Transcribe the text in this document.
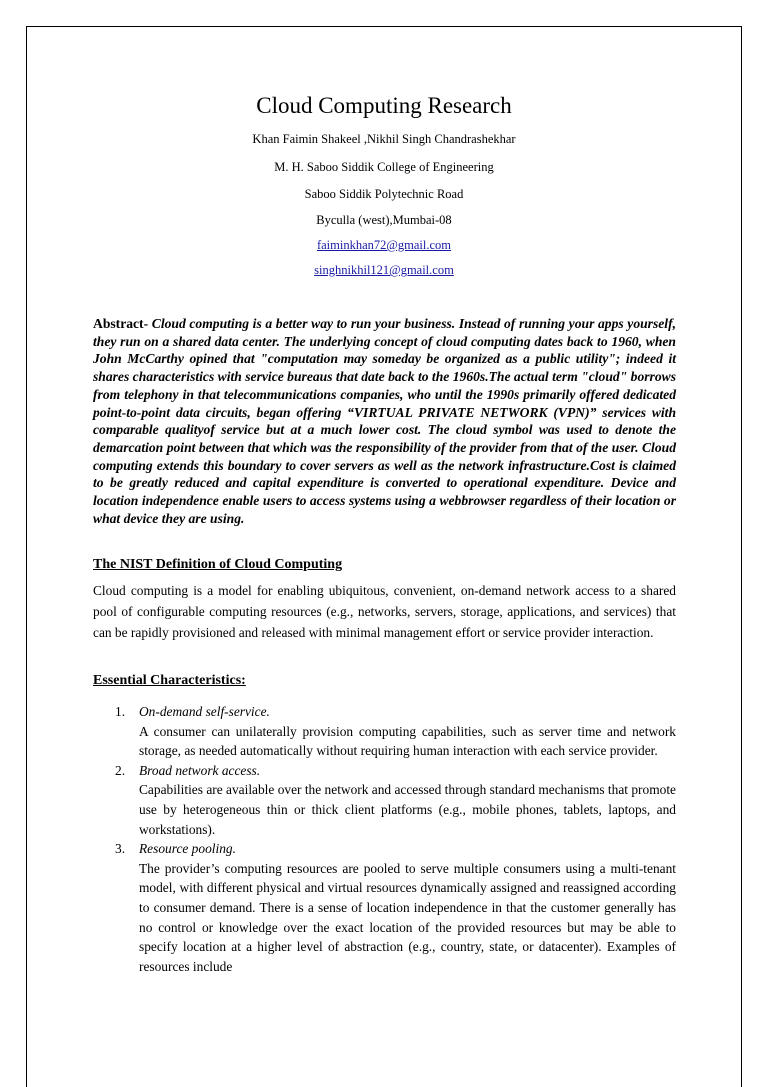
Cloud Computing Research
Khan Faimin Shakeel ,Nikhil Singh Chandrashekhar
M. H. Saboo Siddik College of Engineering
Saboo Siddik Polytechnic Road
Byculla (west),Mumbai-08
faiminkhan72@gmail.com
singhnikhil121@gmail.com
Abstract- Cloud computing is a better way to run your business. Instead of running your apps yourself, they run on a shared data center. The underlying concept of cloud computing dates back to 1960, when John McCarthy opined that "computation may someday be organized as a public utility"; indeed it shares characteristics with service bureaus that date back to the 1960s.The actual term "cloud" borrows from telephony in that telecommunications companies, who until the 1990s primarily offered dedicated point-to-point data circuits, began offering “VIRTUAL PRIVATE NETWORK (VPN)” services with comparable qualityof service but at a much lower cost. The cloud symbol was used to denote the demarcation point between that which was the responsibility of the provider from that of the user. Cloud computing extends this boundary to cover servers as well as the network infrastructure.Cost is claimed to be greatly reduced and capital expenditure is converted to operational expenditure. Device and location independence enable users to access systems using a webbrowser regardless of their location or what device they are using.
The NIST Definition of Cloud Computing
Cloud computing is a model for enabling ubiquitous, convenient, on-demand network access to a shared pool of configurable computing resources (e.g., networks, servers, storage, applications, and services) that can be rapidly provisioned and released with minimal management effort or service provider interaction.
Essential Characteristics:
1. On-demand self-service.
A consumer can unilaterally provision computing capabilities, such as server time and network storage, as needed automatically without requiring human interaction with each service provider.
2. Broad network access.
Capabilities are available over the network and accessed through standard mechanisms that promote use by heterogeneous thin or thick client platforms (e.g., mobile phones, tablets, laptops, and workstations).
3. Resource pooling.
The provider’s computing resources are pooled to serve multiple consumers using a multi-tenant model, with different physical and virtual resources dynamically assigned and reassigned according to consumer demand. There is a sense of location independence in that the customer generally has no control or knowledge over the exact location of the provided resources but may be able to specify location at a higher level of abstraction (e.g., country, state, or datacenter). Examples of resources include
